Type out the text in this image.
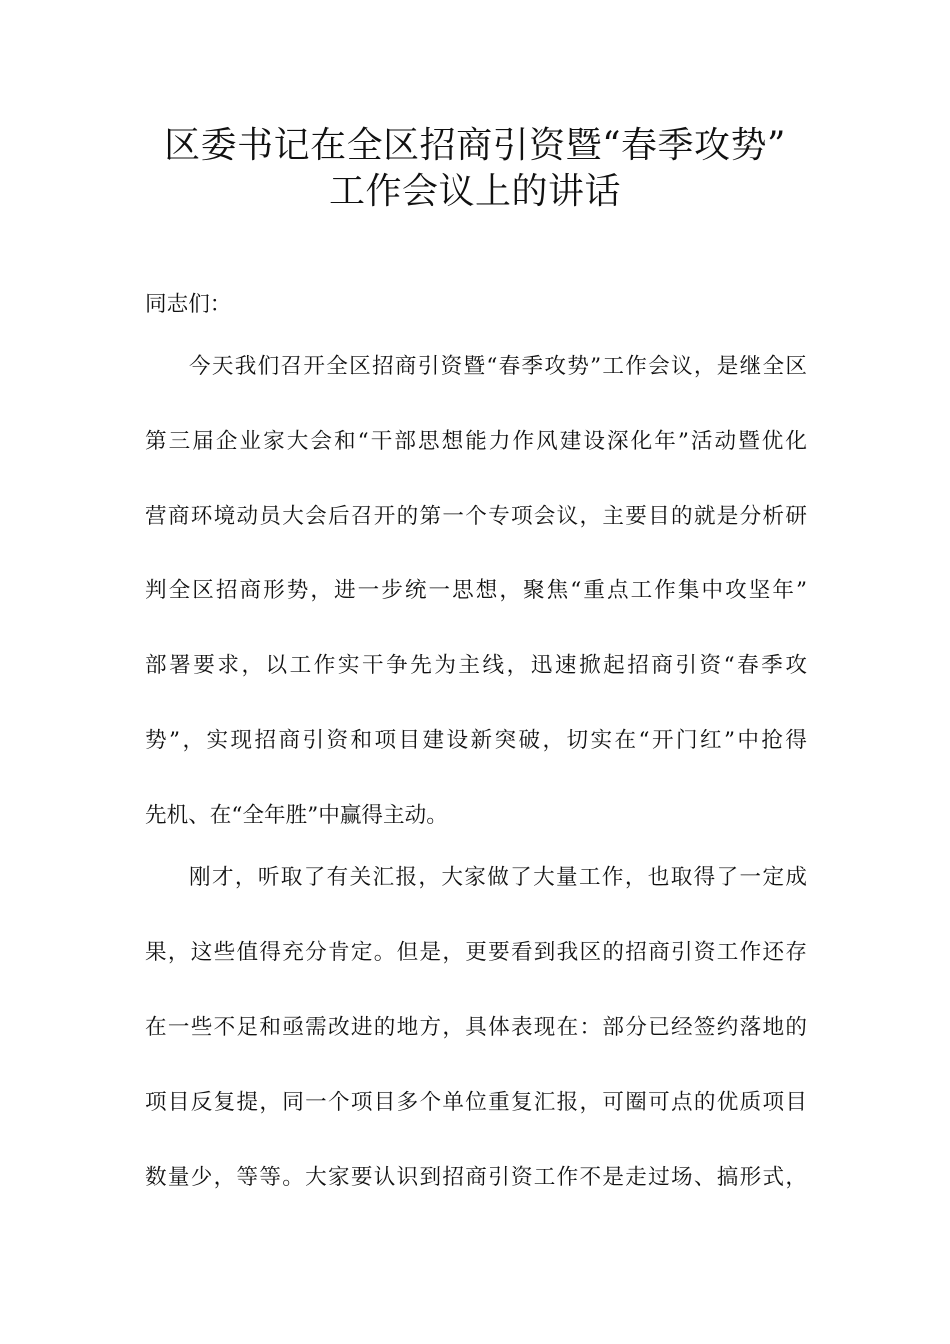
区委书记在全区招商引资暨“春季攻势”
工作会议上的讲话
同志们：
今天我们召开全区招商引资暨“春季攻势”工作会议，是继全区
第三届企业家大会和“干部思想能力作风建设深化年”活动暨优化
营商环境动员大会后召开的第一个专项会议，主要目的就是分析研
判全区招商形势，进一步统一思想，聚焦“重点工作集中攻坚年”
部署要求，以工作实干争先为主线，迅速掀起招商引资“春季攻
势”，实现招商引资和项目建设新突破，切实在“开门红”中抢得
先机、在“全年胜”中赢得主动。
刚才，听取了有关汇报，大家做了大量工作，也取得了一定成
果，这些值得充分肯定。但是，更要看到我区的招商引资工作还存
在一些不足和亟需改进的地方，具体表现在：部分已经签约落地的
项目反复提，同一个项目多个单位重复汇报，可圈可点的优质项目
数量少，等等。大家要认识到招商引资工作不是走过场、搞形式，
